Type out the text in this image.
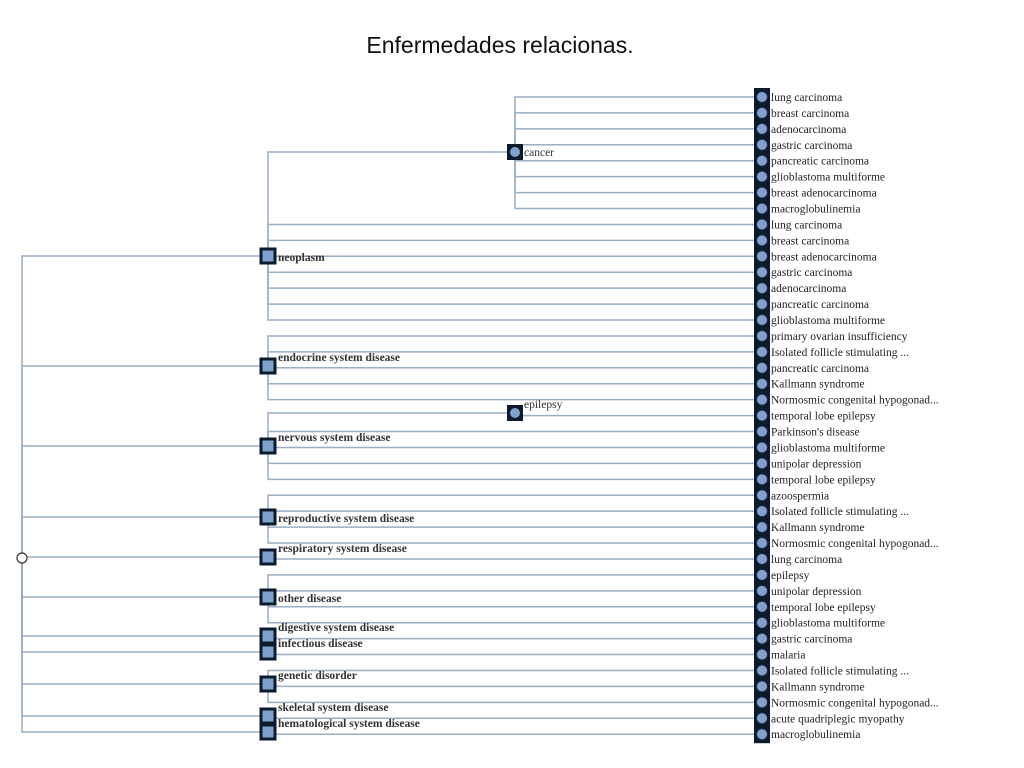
Enfermedades relacionas.
lung carcinoma
breast carcinoma
adenocarcinoma
gastric carcinoma
pancreatic carcinoma
glioblastoma multiforme
breast adenocarcinoma
macroglobulinemia
cancer
lung carcinoma
breast carcinoma
breast adenocarcinoma
gastric carcinoma
adenocarcinoma
pancreatic carcinoma
glioblastoma multiforme
neoplasm
primary ovarian insufficiency
Isolated follicle stimulating ...
pancreatic carcinoma
Kallmann syndrome
Normosmic congenital hypogonad...
endocrine system disease
temporal lobe epilepsy
epilepsy
Parkinson's disease
glioblastoma multiforme
unipolar depression
temporal lobe epilepsy
nervous system disease
azoospermia
Isolated follicle stimulating ...
Kallmann syndrome
Normosmic congenital hypogonad...
reproductive system disease
lung carcinoma
respiratory system disease
epilepsy
unipolar depression
temporal lobe epilepsy
glioblastoma multiforme
other disease
gastric carcinoma
digestive system disease
malaria
infectious disease
Isolated follicle stimulating ...
Kallmann syndrome
Normosmic congenital hypogonad...
genetic disorder
acute quadriplegic myopathy
skeletal system disease
macroglobulinemia
hematological system disease
